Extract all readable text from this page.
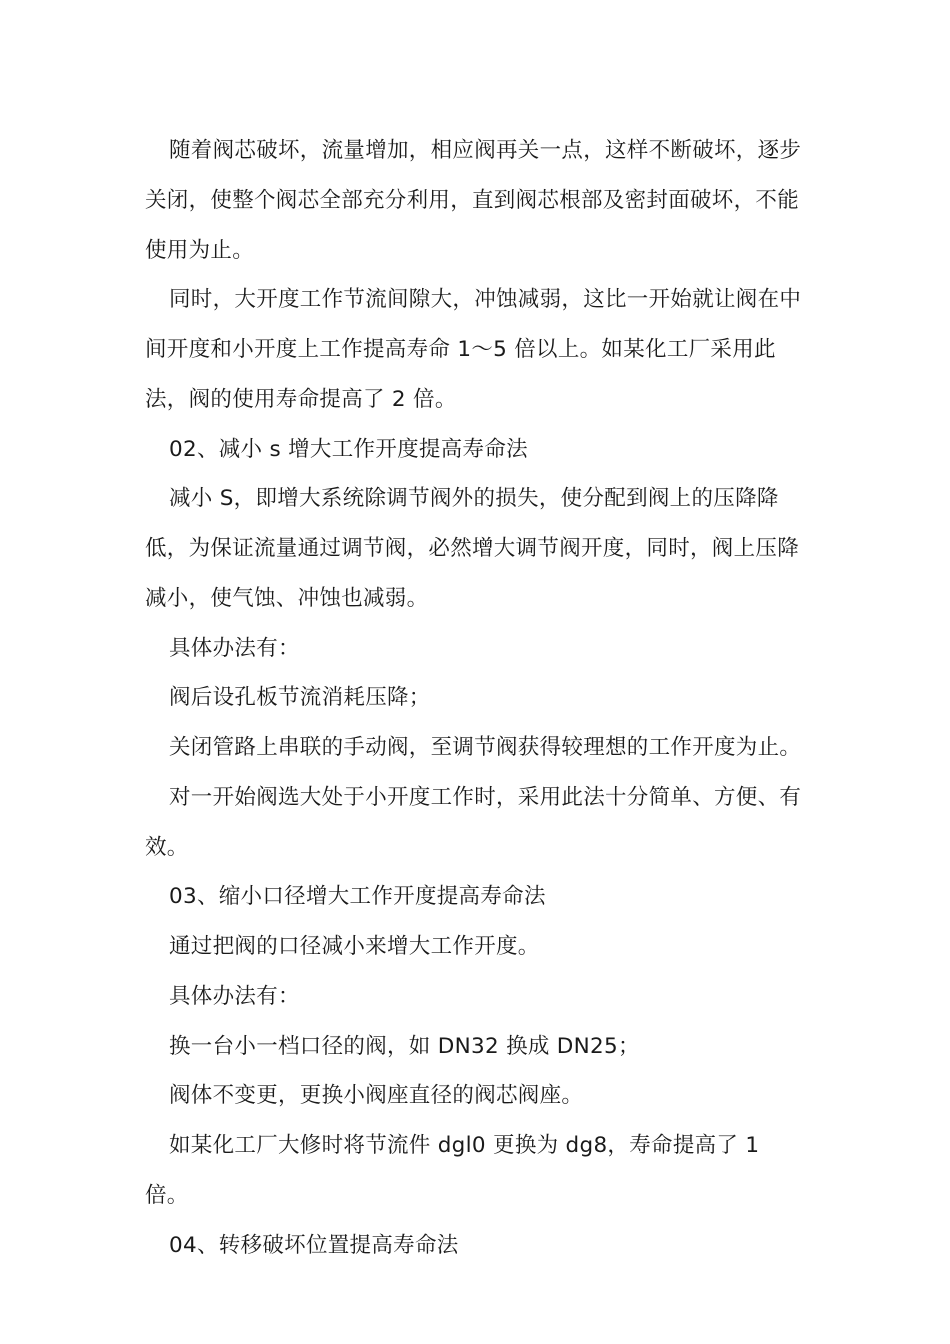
随着阀芯破坏，流量增加，相应阀再关一点，这样不断破坏，逐步关闭，使整个阀芯全部充分利用，直到阀芯根部及密封面破坏，不能使用为止。

同时，大开度工作节流间隙大，冲蚀减弱，这比一开始就让阀在中间开度和小开度上工作提高寿命 1～5 倍以上。如某化工厂采用此法，阀的使用寿命提高了 2 倍。

02、减小 s 增大工作开度提高寿命法

减小 S，即增大系统除调节阀外的损失，使分配到阀上的压降降低，为保证流量通过调节阀，必然增大调节阀开度，同时，阀上压降减小，使气蚀、冲蚀也减弱。

具体办法有：

阀后设孔板节流消耗压降；

关闭管路上串联的手动阀，至调节阀获得较理想的工作开度为止。

对一开始阀选大处于小开度工作时，采用此法十分简单、方便、有效。

03、缩小口径增大工作开度提高寿命法

通过把阀的口径减小来增大工作开度。

具体办法有：

换一台小一档口径的阀，如 DN32 换成 DN25；

阀体不变更，更换小阀座直径的阀芯阀座。

如某化工厂大修时将节流件 dgl0 更换为 dg8，寿命提高了 1 倍。

04、转移破坏位置提高寿命法
